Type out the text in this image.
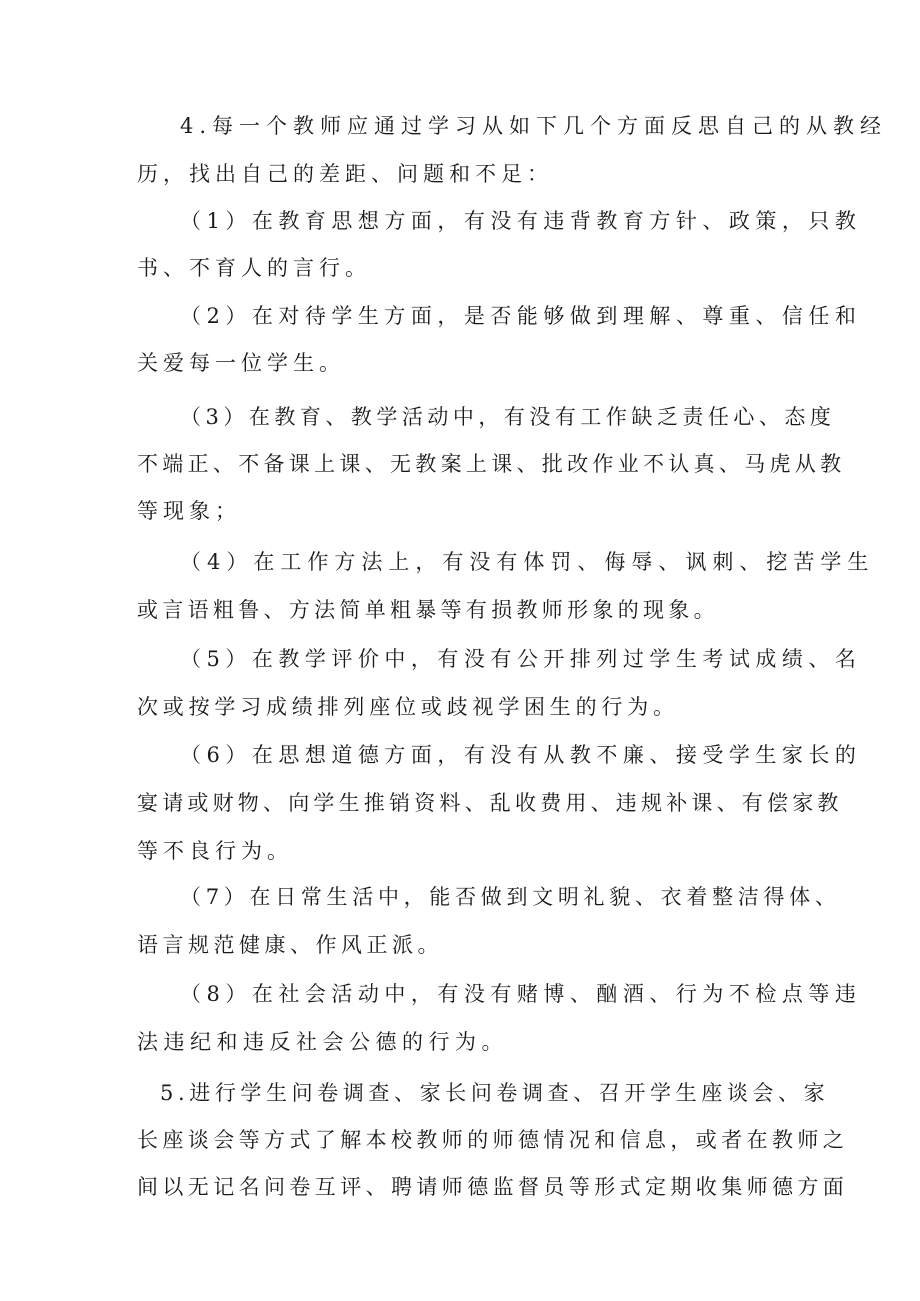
4.每一个教师应通过学习从如下几个方面反思自己的从教经

历，找出自己的差距、问题和不足：

（1）在教育思想方面，有没有违背教育方针、政策，只教

书、不育人的言行。

（2）在对待学生方面，是否能够做到理解、尊重、信任和

关爱每一位学生。

（3）在教育、教学活动中，有没有工作缺乏责任心、态度

不端正、不备课上课、无教案上课、批改作业不认真、马虎从教

等现象；

（4）在工作方法上，有没有体罚、侮辱、讽刺、挖苦学生

或言语粗鲁、方法简单粗暴等有损教师形象的现象。

（5）在教学评价中，有没有公开排列过学生考试成绩、名

次或按学习成绩排列座位或歧视学困生的行为。

（6）在思想道德方面，有没有从教不廉、接受学生家长的

宴请或财物、向学生推销资料、乱收费用、违规补课、有偿家教

等不良行为。

（7）在日常生活中，能否做到文明礼貌、衣着整洁得体、

语言规范健康、作风正派。

（8）在社会活动中，有没有赌博、酗酒、行为不检点等违

法违纪和违反社会公德的行为。

5.进行学生问卷调查、家长问卷调查、召开学生座谈会、家

长座谈会等方式了解本校教师的师德情况和信息，或者在教师之

间以无记名问卷互评、聘请师德监督员等形式定期收集师德方面
